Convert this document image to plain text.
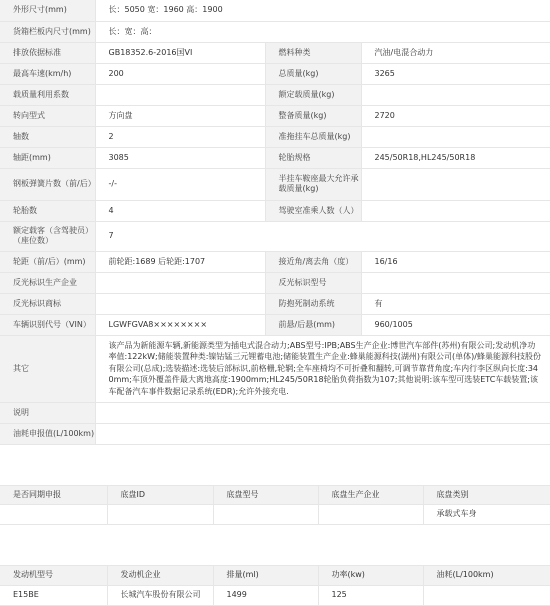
外形尺寸(mm)	长：5050 宽：1960 高：1900		
货箱栏板内尺寸(mm)	长：宽：高：		
排放依据标准	GB18352.6-2016国VI	燃料种类	汽油/电混合动力
最高车速(km/h)	200	总质量(kg)	3265
载质量利用系数		额定载质量(kg)	
转向型式	方向盘	整备质量(kg)	2720
轴数	2	准拖挂车总质量(kg)	
轴距(mm)	3085	轮胎规格	245/50R18,HL245/50R18
钢板弹簧片数（前/后）	-/-	半挂车鞍座最大允许承载质量(kg)	
轮胎数	4	驾驶室准乘人数（人）	
额定载客（含驾驶员）（座位数）	7		
轮距（前/后）(mm)	前轮距:1689 后轮距:1707	接近角/离去角（度）	16/16
反光标识生产企业		反光标识型号	
反光标识商标		防抱死制动系统	有
车辆识别代号（VIN）	LGWFGVA8××××××××	前悬/后悬(mm)	960/1005
其它	该产品为新能源车辆,新能源类型为插电式混合动力;ABS型号:IPB;ABS生产企业:博世汽车部件(苏州)有限公司;发动机净功率值:122kW;储能装置种类:镍钴锰三元锂蓄电池;储能装置生产企业:蜂巢能源科技(湖州)有限公司(单体)/蜂巢能源科技股份有限公司(总成);选装描述:选装后部标识,前格栅,轮辋;全车座椅均不可折叠和翻转,可调节靠背角度;车内行李区纵向长度:340mm;车顶外覆盖件最大离地高度:1900mm;HL245/50R18轮胎负荷指数为107;其他说明:该车型可选装ETC车载装置;该车配备汽车事件数据记录系统(EDR);允许外接充电.		
说明			
油耗申报值(L/100km)			
是否同期申报	底盘ID	底盘型号	底盘生产企业	底盘类别
				承载式车身
发动机型号	发动机企业	排量(ml)	功率(kw)	油耗(L/100km)
E15BE	长城汽车股份有限公司	1499	125	
